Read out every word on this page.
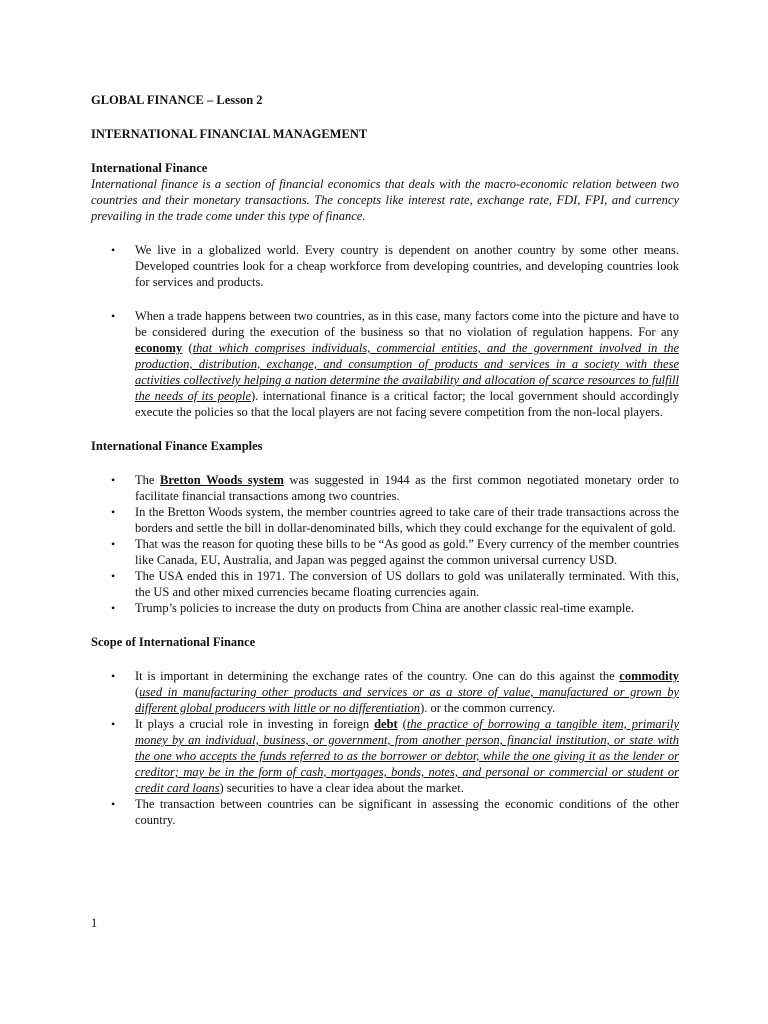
GLOBAL FINANCE – Lesson 2

INTERNATIONAL FINANCIAL MANAGEMENT

International Finance

International finance is a section of financial economics that deals with the macro-economic relation between two countries and their monetary transactions. The concepts like interest rate, exchange rate, FDI, FPI, and currency prevailing in the trade come under this type of finance.

• We live in a globalized world. Every country is dependent on another country by some other means. Developed countries look for a cheap workforce from developing countries, and developing countries look for services and products.
• When a trade happens between two countries, as in this case, many factors come into the picture and have to be considered during the execution of the business so that no violation of regulation happens. For any economy (that which comprises individuals, commercial entities, and the government involved in the production, distribution, exchange, and consumption of products and services in a society with these activities collectively helping a nation determine the availability and allocation of scarce resources to fulfill the needs of its people). international finance is a critical factor; the local government should accordingly execute the policies so that the local players are not facing severe competition from the non-local players.

International Finance Examples

• The Bretton Woods system was suggested in 1944 as the first common negotiated monetary order to facilitate financial transactions among two countries.
• In the Bretton Woods system, the member countries agreed to take care of their trade transactions across the borders and settle the bill in dollar-denominated bills, which they could exchange for the equivalent of gold.
• That was the reason for quoting these bills to be “As good as gold.” Every currency of the member countries like Canada, EU, Australia, and Japan was pegged against the common universal currency USD.
• The USA ended this in 1971. The conversion of US dollars to gold was unilaterally terminated. With this, the US and other mixed currencies became floating currencies again.
• Trump’s policies to increase the duty on products from China are another classic real-time example.

Scope of International Finance

• It is important in determining the exchange rates of the country. One can do this against the commodity (used in manufacturing other products and services or as a store of value, manufactured or grown by different global producers with little or no differentiation). or the common currency.
• It plays a crucial role in investing in foreign debt (the practice of borrowing a tangible item, primarily money by an individual, business, or government, from another person, financial institution, or state with the one who accepts the funds referred to as the borrower or debtor, while the one giving it as the lender or creditor; may be in the form of cash, mortgages, bonds, notes, and personal or commercial or student or credit card loans) securities to have a clear idea about the market.
• The transaction between countries can be significant in assessing the economic conditions of the other country.
1
